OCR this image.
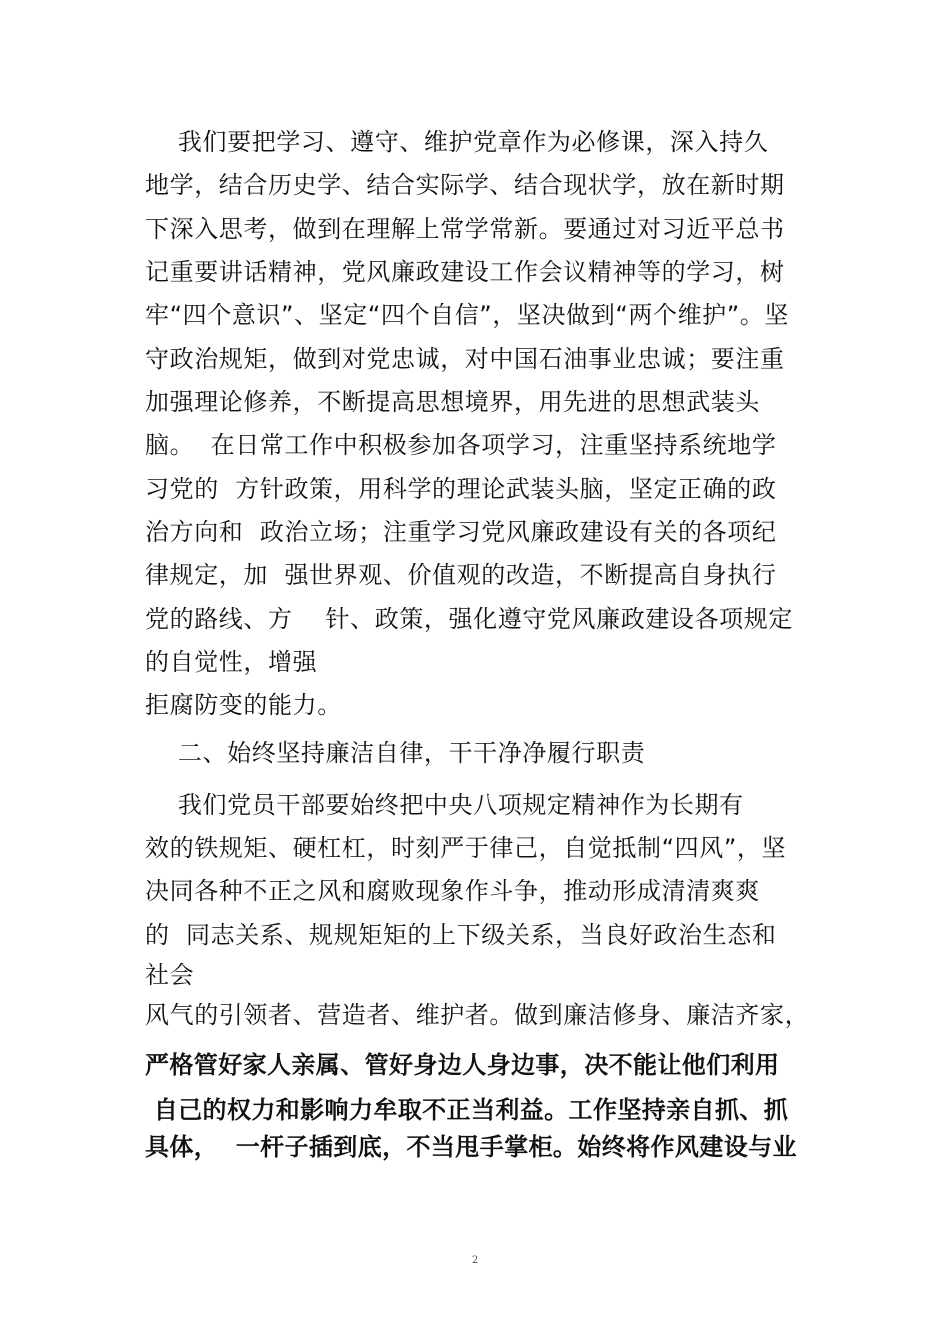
我们要把学习、遵守、维护党章作为必修课，深入持久
地学，结合历史学、结合实际学、结合现状学，放在新时期
下深入思考，做到在理解上常学常新。要通过对习近平总书
记重要讲话精神，党风廉政建设工作会议精神等的学习，树
牢“四个意识”、坚定“四个自信”，坚决做到“两个维护”。坚
守政治规矩，做到对党忠诚，对中国石油事业忠诚；要注重
加强理论修养，不断提高思想境界，用先进的思想武装头
脑。  在日常工作中积极参加各项学习，注重坚持系统地学
习党的  方针政策，用科学的理论武装头脑，坚定正确的政
治方向和  政治立场；注重学习党风廉政建设有关的各项纪
律规定，加  强世界观、价值观的改造，不断提高自身执行
党的路线、方    针、政策，强化遵守党风廉政建设各项规定
的自觉性，增强
拒腐防变的能力。
二、始终坚持廉洁自律，干干净净履行职责
我们党员干部要始终把中央八项规定精神作为长期有
效的铁规矩、硬杠杠，时刻严于律己，自觉抵制“四风”，坚
决同各种不正之风和腐败现象作斗争，推动形成清清爽爽
的  同志关系、规规矩矩的上下级关系，当良好政治生态和
社会
风气的引领者、营造者、维护者。做到廉洁修身、廉洁齐家，
严格管好家人亲属、管好身边人身边事，决不能让他们利用
自己的权力和影响力牟取不正当利益。工作坚持亲自抓、抓
具体，  一杆子插到底，不当甩手掌柜。始终将作风建设与业
2
